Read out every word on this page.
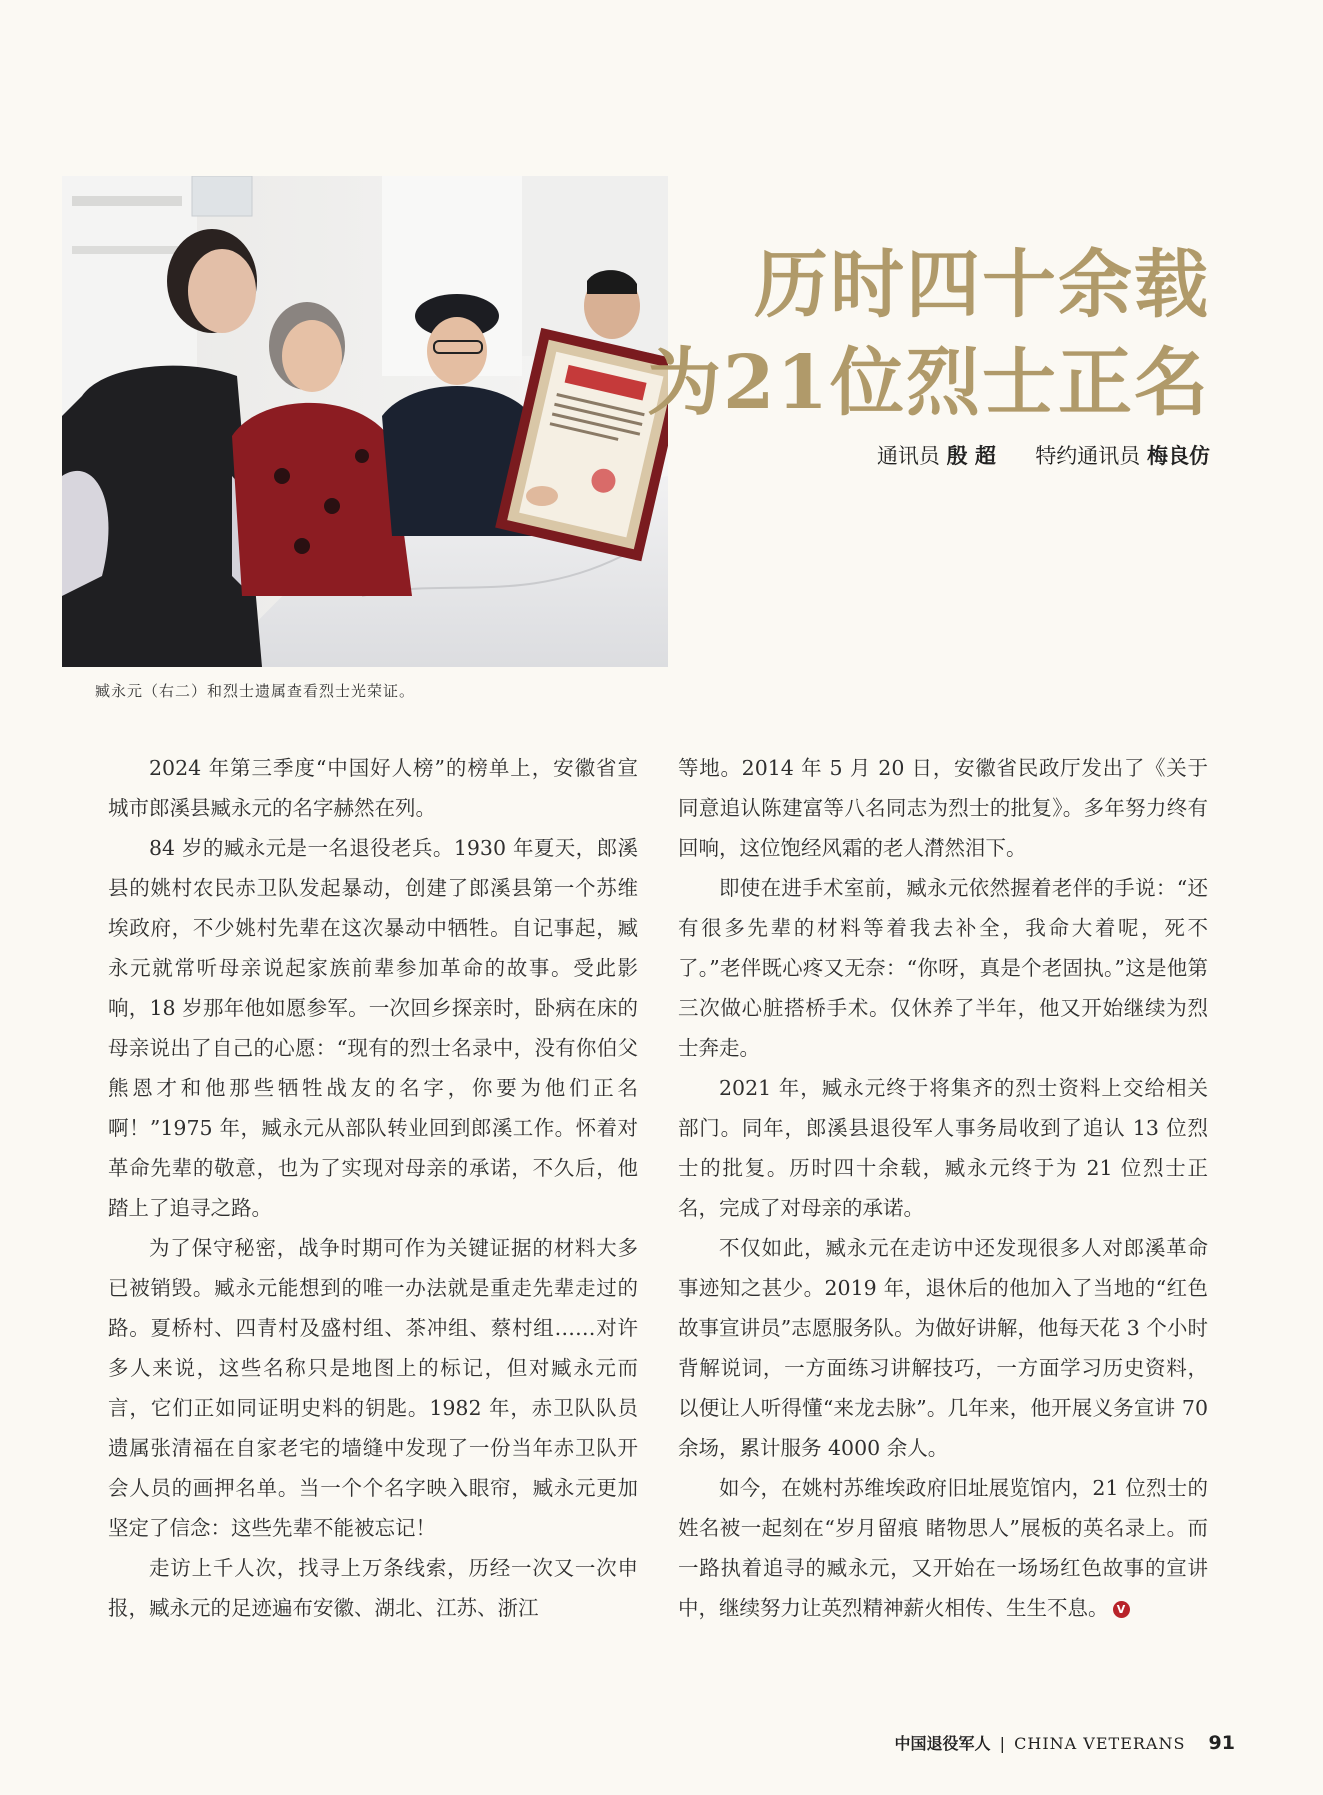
臧永元（右二）和烈士遗属查看烈士光荣证。
历时四十余载
为21位烈士正名
通讯员 殷 超 特约通讯员 梅良仿

2024 年第三季度“中国好人榜”的榜单上，安徽省宣城市郎溪县臧永元的名字赫然在列。

84 岁的臧永元是一名退役老兵。1930 年夏天，郎溪县的姚村农民赤卫队发起暴动，创建了郎溪县第一个苏维埃政府，不少姚村先辈在这次暴动中牺牲。自记事起，臧永元就常听母亲说起家族前辈参加革命的故事。受此影响，18 岁那年他如愿参军。一次回乡探亲时，卧病在床的母亲说出了自己的心愿：“现有的烈士名录中，没有你伯父熊恩才和他那些牺牲战友的名字，你要为他们正名啊！”1975 年，臧永元从部队转业回到郎溪工作。怀着对革命先辈的敬意，也为了实现对母亲的承诺，不久后，他踏上了追寻之路。

为了保守秘密，战争时期可作为关键证据的材料大多已被销毁。臧永元能想到的唯一办法就是重走先辈走过的路。夏桥村、四青村及盛村组、茶冲组、蔡村组……对许多人来说，这些名称只是地图上的标记，但对臧永元而言，它们正如同证明史料的钥匙。1982 年，赤卫队队员遗属张清福在自家老宅的墙缝中发现了一份当年赤卫队开会人员的画押名单。当一个个名字映入眼帘，臧永元更加坚定了信念：这些先辈不能被忘记！

走访上千人次，找寻上万条线索，历经一次又一次申报，臧永元的足迹遍布安徽、湖北、江苏、浙江

等地。2014 年 5 月 20 日，安徽省民政厅发出了《关于同意追认陈建富等八名同志为烈士的批复》。多年努力终有回响，这位饱经风霜的老人潸然泪下。

即使在进手术室前，臧永元依然握着老伴的手说：“还有很多先辈的材料等着我去补全，我命大着呢，死不了。”老伴既心疼又无奈：“你呀，真是个老固执。”这是他第三次做心脏搭桥手术。仅休养了半年，他又开始继续为烈士奔走。

2021 年，臧永元终于将集齐的烈士资料上交给相关部门。同年，郎溪县退役军人事务局收到了追认 13 位烈士的批复。历时四十余载，臧永元终于为 21 位烈士正名，完成了对母亲的承诺。

不仅如此，臧永元在走访中还发现很多人对郎溪革命事迹知之甚少。2019 年，退休后的他加入了当地的“红色故事宣讲员”志愿服务队。为做好讲解，他每天花 3 个小时背解说词，一方面练习讲解技巧，一方面学习历史资料，以便让人听得懂“来龙去脉”。几年来，他开展义务宣讲 70 余场，累计服务 4000 余人。

如今，在姚村苏维埃政府旧址展览馆内，21 位烈士的姓名被一起刻在“岁月留痕 睹物思人”展板的英名录上。而一路执着追寻的臧永元，又开始在一场场红色故事的宣讲中，继续努力让英烈精神薪火相传、生生不息。 V

中国退役军人 | CHINA VETERANS 91
